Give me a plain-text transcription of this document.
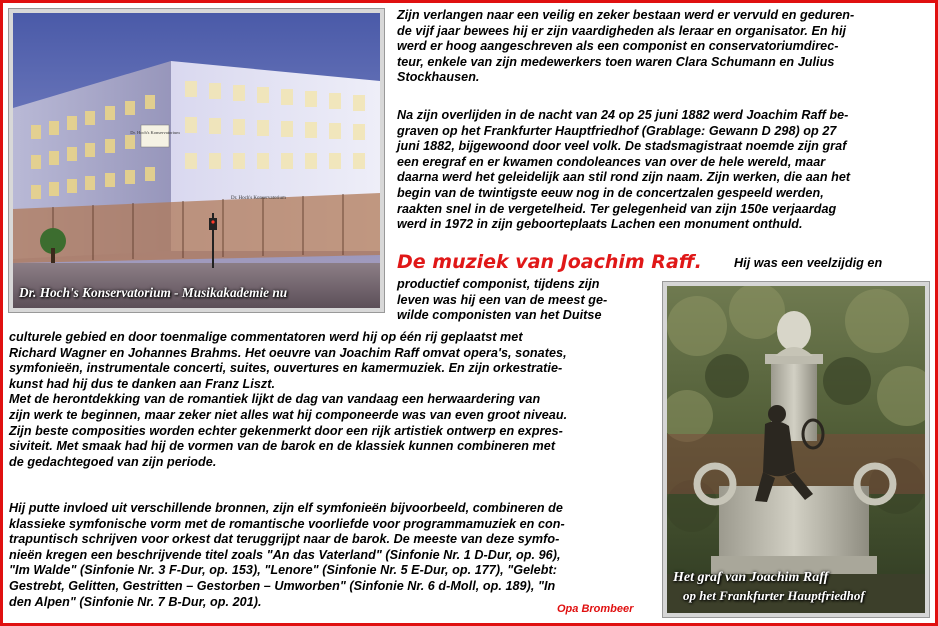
Dr. Hoch's Konservatorium
Dr. Hoch's Konservatorium
Dr. Hoch's Konservatorium - Musikakademie nu
Zijn verlangen naar een veilig en zeker bestaan werd er vervuld en geduren-
de vijf jaar bewees hij er zijn vaardigheden als leraar en organisator. En hij
werd er hoog aangeschreven als een componist en conservatoriumdirec-
teur, enkele van zijn medewerkers toen waren Clara Schumann en Julius
Stockhausen.
Na zijn overlijden in de nacht van 24 op 25 juni 1882 werd Joachim Raff be-
graven op het Frankfurter Hauptfriedhof (Grablage: Gewann D 298) op 27
juni 1882, bijgewoond door veel volk. De stadsmagistraat noemde zijn graf
een eregraf en er kwamen condoleances van over de hele wereld, maar
daarna werd het geleidelijk aan stil rond zijn naam. Zijn werken, die aan het
begin van de twintigste eeuw nog in de concertzalen gespeeld werden,
raakten snel in de vergetelheid. Ter gelegenheid van zijn 150e verjaardag
werd in 1972 in zijn geboorteplaats Lachen een monument onthuld.
De muziek van Joachim Raff.	Hij was een veelzijdig en
productief componist, tijdens zijn
leven was hij een van de meest ge-
wilde componisten van het Duitse
culturele gebied en door toenmalige commentatoren werd hij op één rij geplaatst met
Richard Wagner en Johannes Brahms. Het oeuvre van Joachim Raff omvat opera's, sonates,
symfonieën, instrumentale concerti, suites, ouvertures en kamermuziek. En zijn orkestratie-
kunst had hij dus te danken aan Franz Liszt.
Met de herontdekking van de romantiek lijkt de dag van vandaag een herwaardering van
zijn werk te beginnen, maar zeker niet alles wat hij componeerde was van even groot niveau.
Zijn beste composities worden echter gekenmerkt door een rijk artistiek ontwerp en expres-
siviteit. Met smaak had hij de vormen van de barok en de klassiek kunnen combineren met
de gedachtegoed van zijn periode.
Hij putte invloed uit verschillende bronnen, zijn elf symfonieën bijvoorbeeld, combineren de
klassieke symfonische vorm met de romantische voorliefde voor programmamuziek en con-
trapuntisch schrijven voor orkest dat teruggrijpt naar de barok. De meeste van deze symfo-
nieën kregen een beschrijvende titel zoals "An das Vaterland" (Sinfonie Nr. 1 D-Dur, op. 96),
"Im Walde" (Sinfonie Nr. 3 F-Dur, op. 153), "Lenore" (Sinfonie Nr. 5 E-Dur, op. 177), "Gelebt:
Gestrebt, Gelitten, Gestritten – Gestorben – Umworben" (Sinfonie Nr. 6 d-Moll, op. 189), "In
den Alpen" (Sinfonie Nr. 7 B-Dur, op. 201).
Het graf van Joachim Raff
op het Frankfurter Hauptfriedhof
Opa Brombeer
